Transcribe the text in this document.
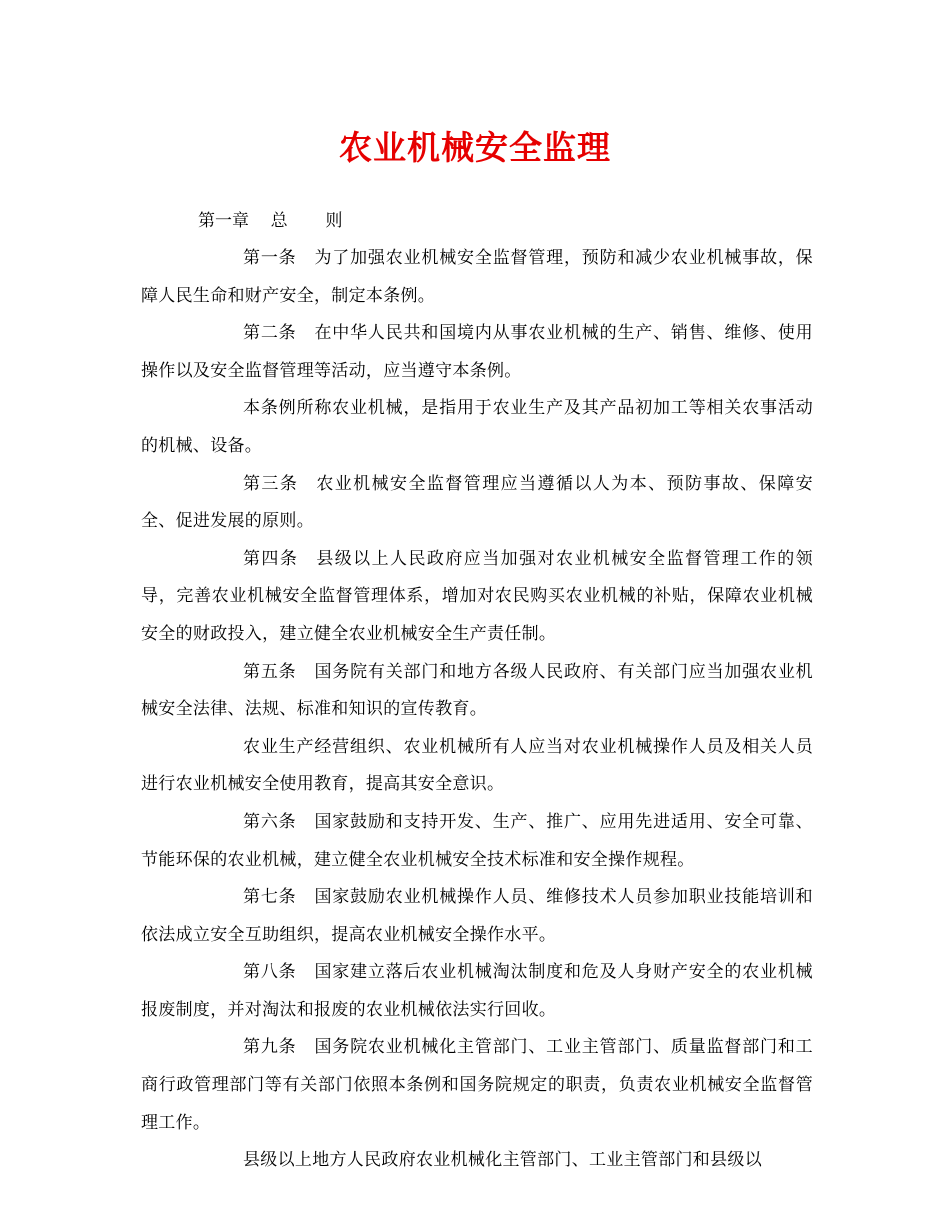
农业机械安全监理
第一章    总       则

第一条 为了加强农业机械安全监督管理，预防和减少农业机械事故，保障人民生命和财产安全，制定本条例。

第二条 在中华人民共和国境内从事农业机械的生产、销售、维修、使用操作以及安全监督管理等活动，应当遵守本条例。

本条例所称农业机械，是指用于农业生产及其产品初加工等相关农事活动的机械、设备。

第三条 农业机械安全监督管理应当遵循以人为本、预防事故、保障安全、促进发展的原则。

第四条 县级以上人民政府应当加强对农业机械安全监督管理工作的领导，完善农业机械安全监督管理体系，增加对农民购买农业机械的补贴，保障农业机械安全的财政投入，建立健全农业机械安全生产责任制。

第五条 国务院有关部门和地方各级人民政府、有关部门应当加强农业机械安全法律、法规、标准和知识的宣传教育。

农业生产经营组织、农业机械所有人应当对农业机械操作人员及相关人员进行农业机械安全使用教育，提高其安全意识。

第六条 国家鼓励和支持开发、生产、推广、应用先进适用、安全可靠、节能环保的农业机械，建立健全农业机械安全技术标准和安全操作规程。

第七条 国家鼓励农业机械操作人员、维修技术人员参加职业技能培训和依法成立安全互助组织，提高农业机械安全操作水平。

第八条 国家建立落后农业机械淘汰制度和危及人身财产安全的农业机械报废制度，并对淘汰和报废的农业机械依法实行回收。

第九条 国务院农业机械化主管部门、工业主管部门、质量监督部门和工商行政管理部门等有关部门依照本条例和国务院规定的职责，负责农业机械安全监督管理工作。

县级以上地方人民政府农业机械化主管部门、工业主管部门和县级以
